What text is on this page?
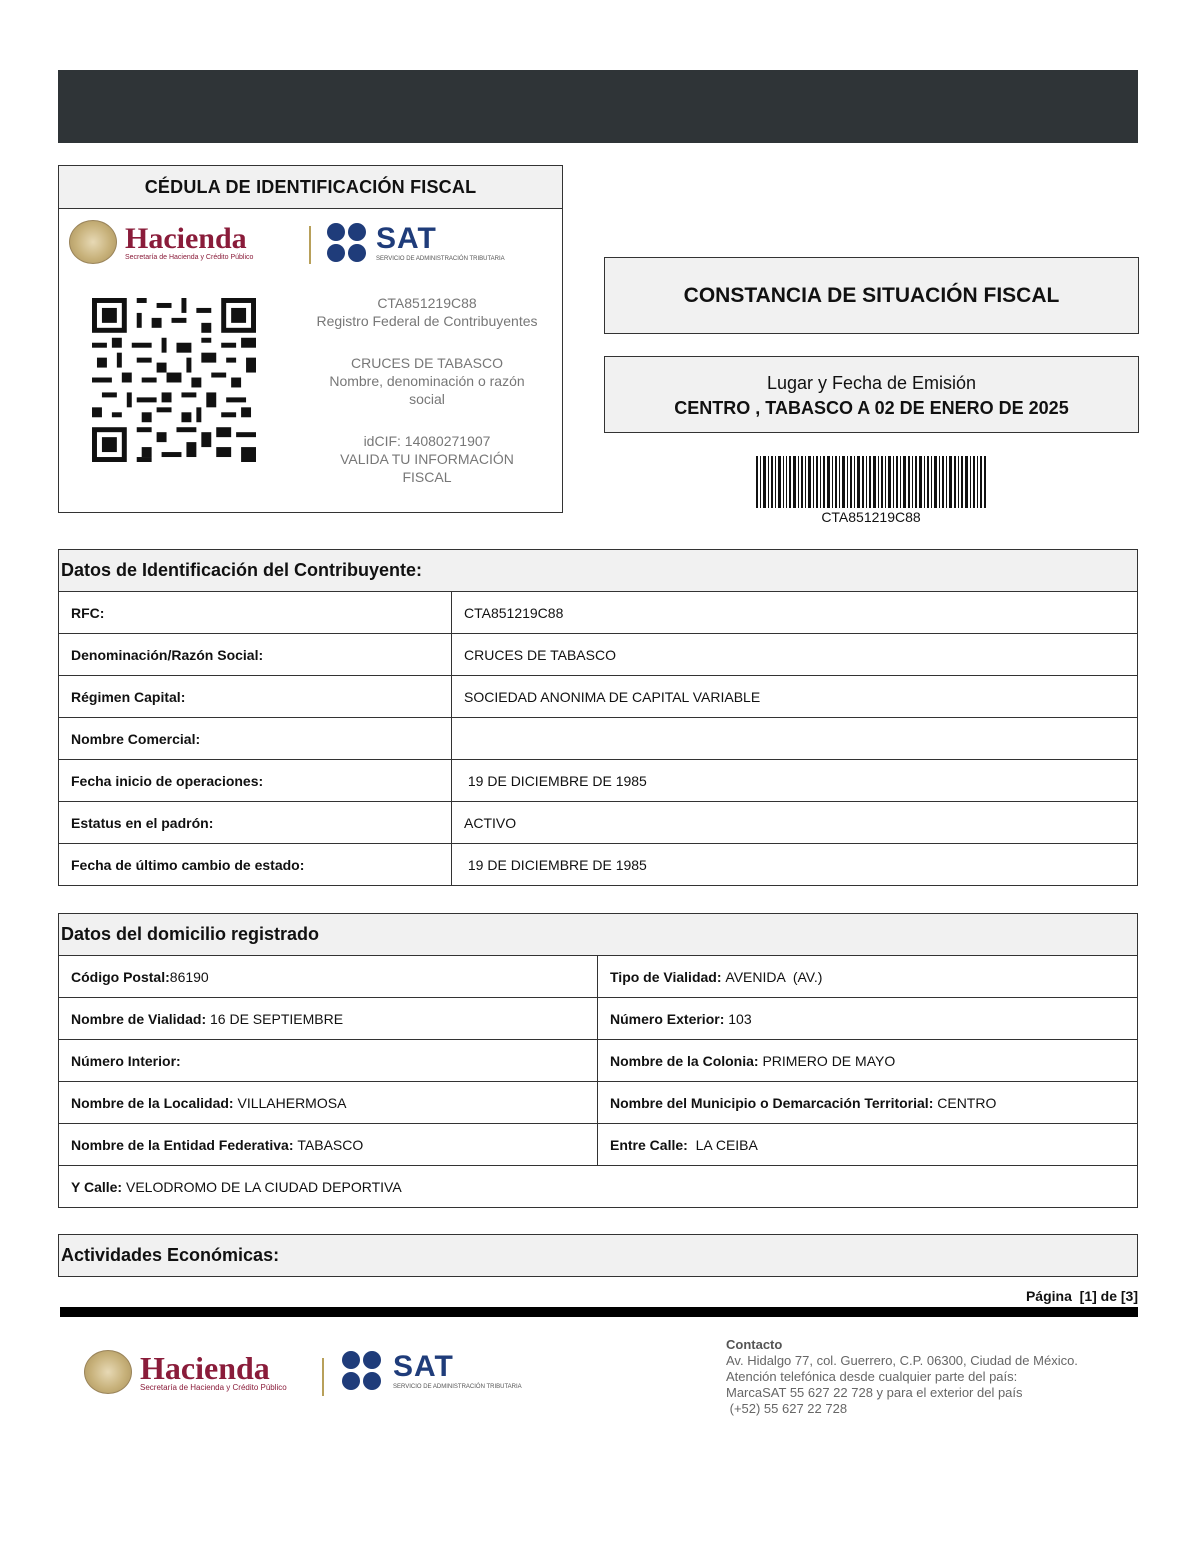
CÉDULA DE IDENTIFICACIÓN FISCAL
Hacienda
Secretaría de Hacienda y Crédito Público
SAT
SERVICIO DE ADMINISTRACIÓN TRIBUTARIA
CTA851219C88
Registro Federal de Contribuyentes
CRUCES DE TABASCO
Nombre, denominación o razón
social
idCIF: 14080271907
VALIDA TU INFORMACIÓN
FISCAL
CONSTANCIA DE SITUACIÓN FISCAL
Lugar y Fecha de Emisión
CENTRO , TABASCO A 02 DE ENERO DE 2025
CTA851219C88
Datos de Identificación del Contribuyente:	
RFC:	CTA851219C88
Denominación/Razón Social:	CRUCES DE TABASCO
Régimen Capital:	SOCIEDAD ANONIMA DE CAPITAL VARIABLE
Nombre Comercial:	
Fecha inicio de operaciones:	19 DE DICIEMBRE DE 1985
Estatus en el padrón:	ACTIVO
Fecha de último cambio de estado:	19 DE DICIEMBRE DE 1985
Datos del domicilio registrado	
Código Postal:86190	Tipo de Vialidad: AVENIDA  (AV.)
Nombre de Vialidad: 16 DE SEPTIEMBRE	Número Exterior: 103
Número Interior:	Nombre de la Colonia: PRIMERO DE MAYO
Nombre de la Localidad: VILLAHERMOSA	Nombre del Municipio o Demarcación Territorial: CENTRO
Nombre de la Entidad Federativa: TABASCO	Entre Calle:  LA CEIBA
Y Calle: VELODROMO DE LA CIUDAD DEPORTIVA	
Actividades Económicas:
Página  [1] de [3]
Hacienda
Secretaría de Hacienda y Crédito Público
SAT
SERVICIO DE ADMINISTRACIÓN TRIBUTARIA
Contacto
Av. Hidalgo 77, col. Guerrero, C.P. 06300, Ciudad de México.
Atención telefónica desde cualquier parte del país:
MarcaSAT 55 627 22 728 y para el exterior del país
(+52) 55 627 22 728
